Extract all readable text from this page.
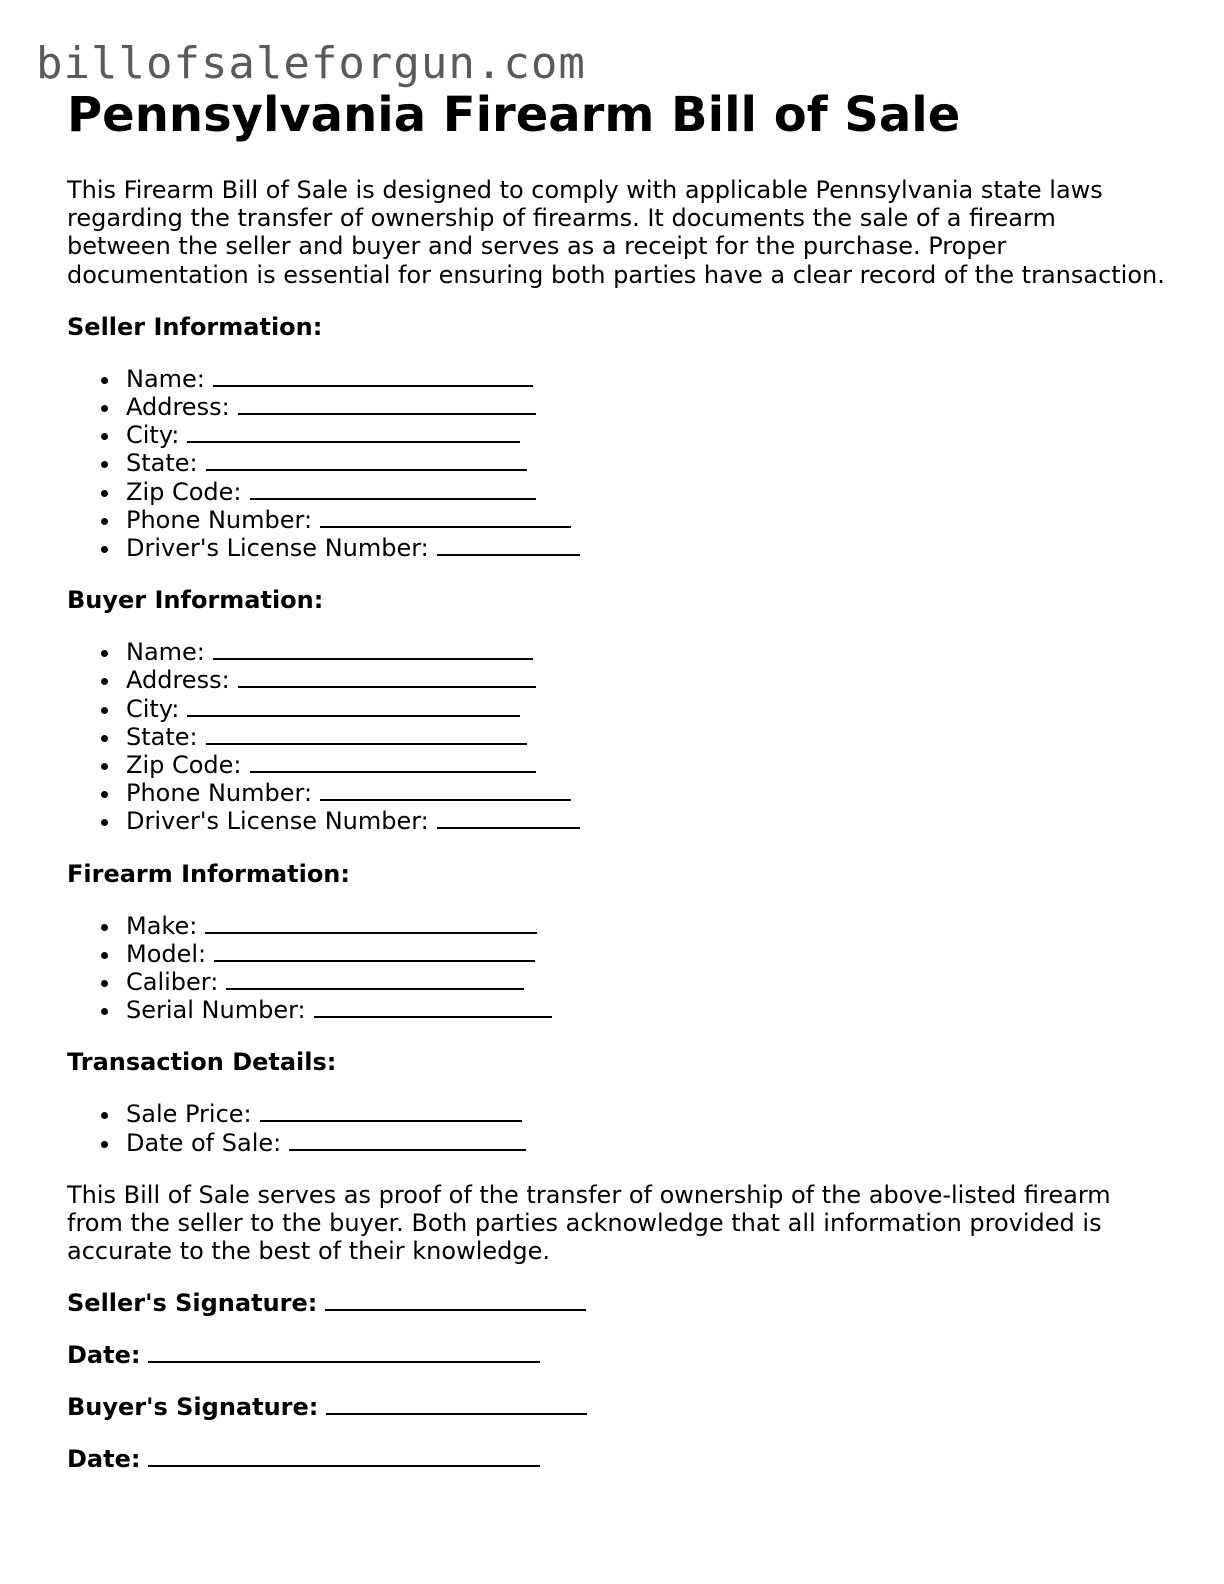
billofsaleforgun.com
Pennsylvania Firearm Bill of Sale

This Firearm Bill of Sale is designed to comply with applicable Pennsylvania state laws regarding the transfer of ownership of firearms. It documents the sale of a firearm between the seller and buyer and serves as a receipt for the purchase. Proper documentation is essential for ensuring both parties have a clear record of the transaction.

Seller Information:
Name:
Address:
City:
State:
Zip Code:
Phone Number:
Driver's License Number:
Buyer Information:
Name:
Address:
City:
State:
Zip Code:
Phone Number:
Driver's License Number:
Firearm Information:
Make:
Model:
Caliber:
Serial Number:
Transaction Details:
Sale Price:
Date of Sale:

This Bill of Sale serves as proof of the transfer of ownership of the above-listed firearm from the seller to the buyer. Both parties acknowledge that all information provided is accurate to the best of their knowledge.

Seller's Signature:
Date:
Buyer's Signature:
Date:
